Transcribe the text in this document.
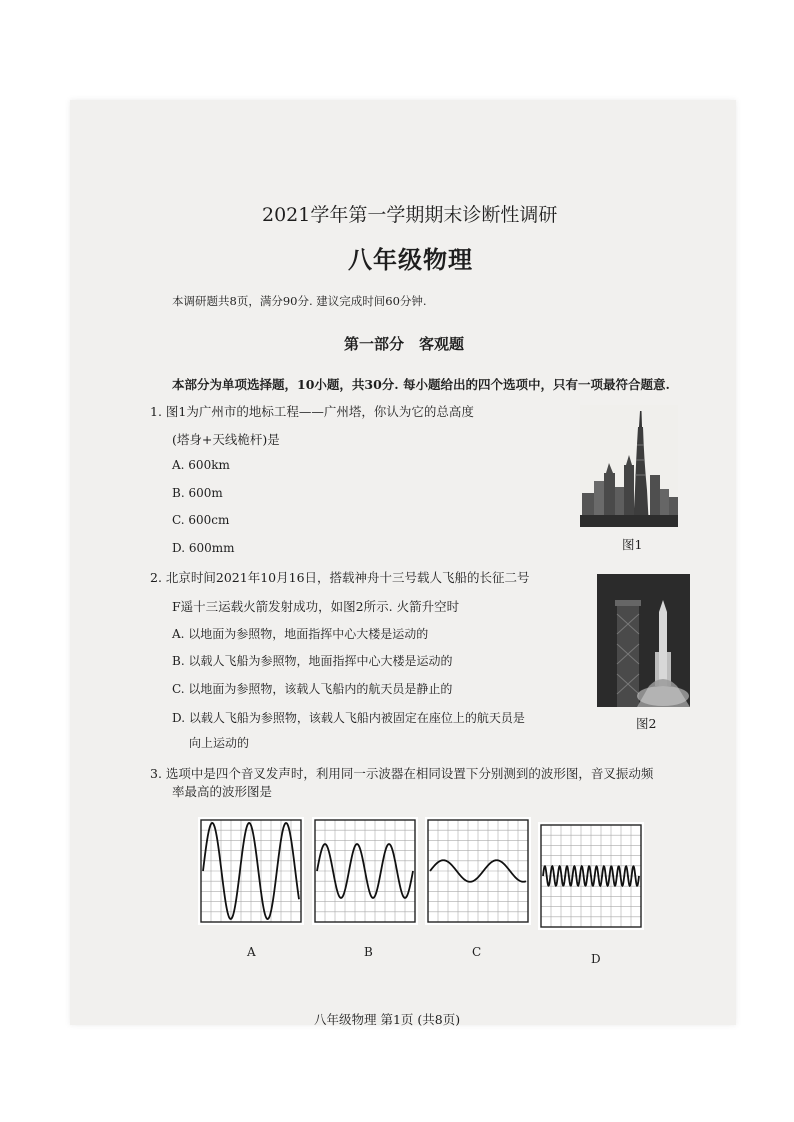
2021学年第一学期期末诊断性调研
八年级物理
本调研题共8页，满分90分. 建议完成时间60分钟.
第一部分　客观题
本部分为单项选择题，10小题，共30分. 每小题给出的四个选项中，只有一项最符合题意.
1. 图1为广州市的地标工程——广州塔，你认为它的总高度
(塔身+天线桅杆)是
A. 600km
B. 600m
C. 600cm
D. 600mm	图1
2. 北京时间2021年10月16日，搭载神舟十三号载人飞船的长征二号
F遥十三运载火箭发射成功，如图2所示. 火箭升空时
A. 以地面为参照物，地面指挥中心大楼是运动的
B. 以载人飞船为参照物，地面指挥中心大楼是运动的
C. 以地面为参照物，该载人飞船内的航天员是静止的
D. 以载人飞船为参照物，该载人飞船内被固定在座位上的航天员是
向上运动的
图2
3. 选项中是四个音叉发声时，利用同一示波器在相同设置下分别测到的波形图，音叉振动频
率最高的波形图是
A	B	C	D
八年级物理 第1页 (共8页)
